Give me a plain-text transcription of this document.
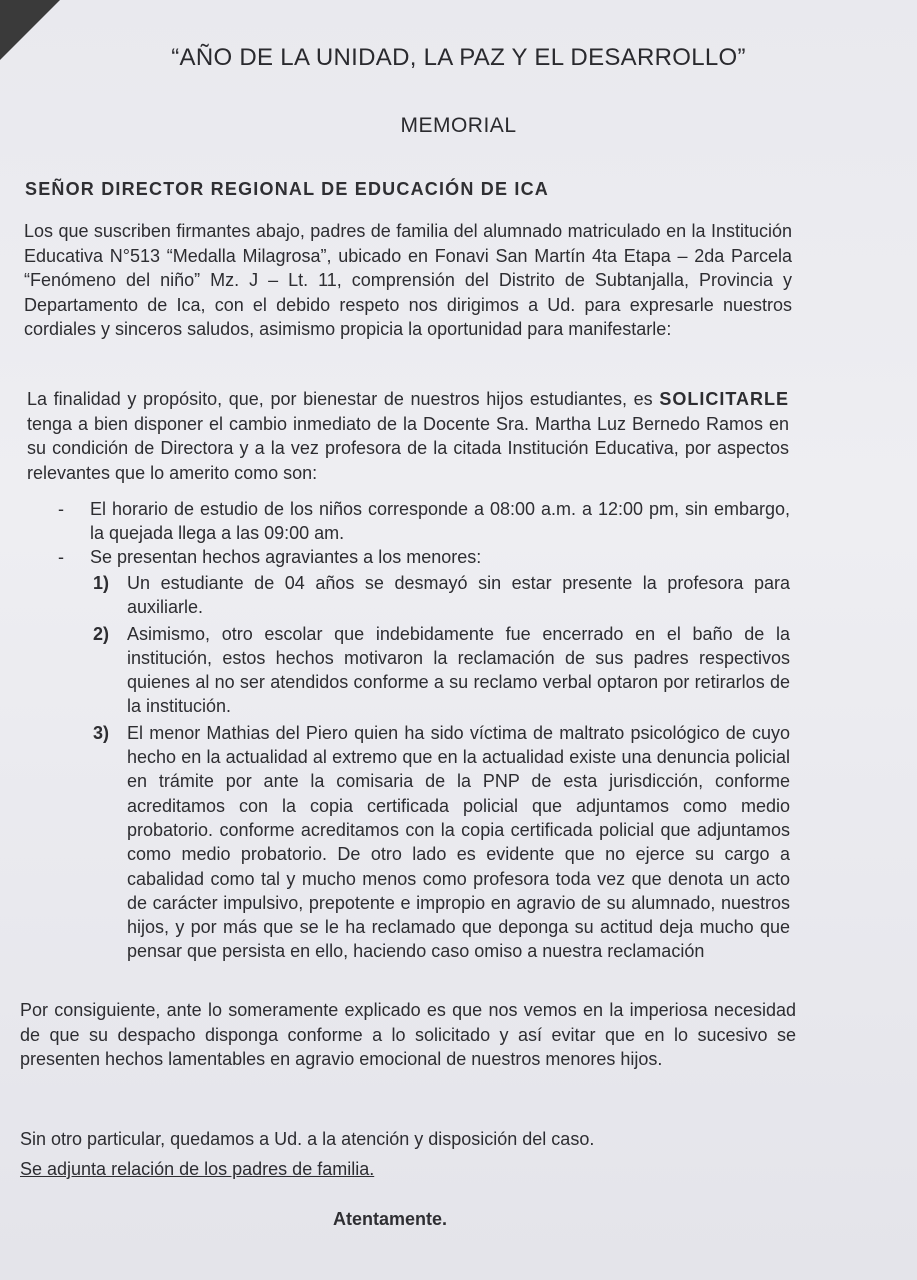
“AÑO DE LA UNIDAD, LA PAZ Y EL DESARROLLO”
MEMORIAL
SEÑOR DIRECTOR REGIONAL DE EDUCACIÓN DE ICA
Los que suscriben firmantes abajo, padres de familia del alumnado matriculado en la Institución Educativa N°513 “Medalla Milagrosa”, ubicado en Fonavi San Martín 4ta Etapa – 2da Parcela “Fenómeno del niño” Mz. J – Lt. 11, comprensión del Distrito de Subtanjalla, Provincia y Departamento de Ica, con el debido respeto nos dirigimos a Ud. para expresarle nuestros cordiales y sinceros saludos, asimismo propicia la oportunidad para manifestarle:
La finalidad y propósito, que, por bienestar de nuestros hijos estudiantes, es SOLICITARLE tenga a bien disponer el cambio inmediato de la Docente Sra. Martha Luz Bernedo Ramos en su condición de Directora y a la vez profesora de la citada Institución Educativa, por aspectos relevantes que lo amerito como son:
- El horario de estudio de los niños corresponde a 08:00 a.m. a 12:00 pm, sin embargo, la quejada llega a las 09:00 am.
- Se presentan hechos agraviantes a los menores:
1) Un estudiante de 04 años se desmayó sin estar presente la profesora para auxiliarle.
2) Asimismo, otro escolar que indebidamente fue encerrado en el baño de la institución, estos hechos motivaron la reclamación de sus padres respectivos quienes al no ser atendidos conforme a su reclamo verbal optaron por retirarlos de la institución.
3) El menor Mathias del Piero quien ha sido víctima de maltrato psicológico de cuyo hecho en la actualidad al extremo que en la actualidad existe una denuncia policial en trámite por ante la comisaria de la PNP de esta jurisdicción, conforme acreditamos con la copia certificada policial que adjuntamos como medio probatorio. conforme acreditamos con la copia certificada policial que adjuntamos como medio probatorio. De otro lado es evidente que no ejerce su cargo a cabalidad como tal y mucho menos como profesora toda vez que denota un acto de carácter impulsivo, prepotente e impropio en agravio de su alumnado, nuestros hijos, y por más que se le ha reclamado que deponga su actitud deja mucho que pensar que persista en ello, haciendo caso omiso a nuestra reclamación
Por consiguiente, ante lo someramente explicado es que nos vemos en la imperiosa necesidad de que su despacho disponga conforme a lo solicitado y así evitar que en lo sucesivo se presenten hechos lamentables en agravio emocional de nuestros menores hijos.
Sin otro particular, quedamos a Ud. a la atención y disposición del caso.
Se adjunta relación de los padres de familia.
Atentamente.
